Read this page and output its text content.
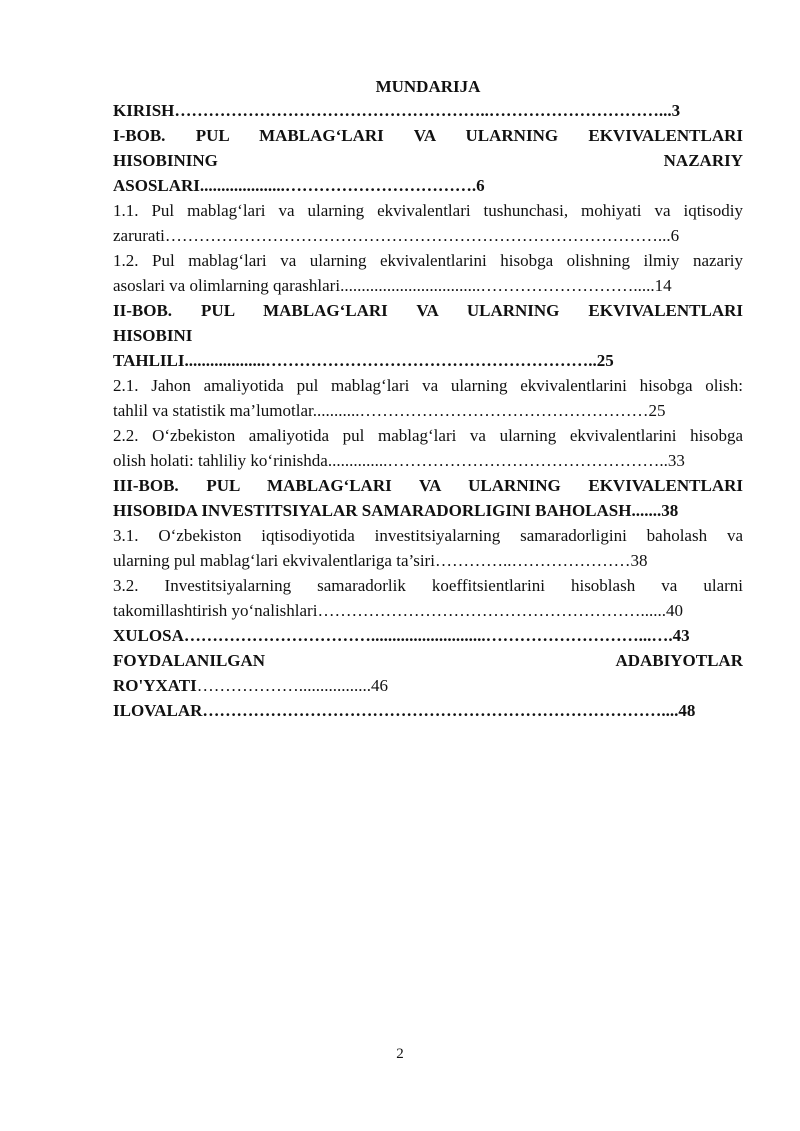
MUNDARIJA
KIRISH………………………………………………..…………………………...3
I-BOB. PUL MABLAG‘LARI VA ULARNING EKVIVALENTLARI
HISOBINING	NAZARIY
ASOSLARI....................…………………………….6
1.1. Pul mablag‘lari va ularning ekvivalentlari tushunchasi, mohiyati va iqtisodiy
zarurati……………………………………………………………………………...6
1.2. Pul mablag‘lari va ularning ekvivalentlarini hisobga olishning ilmiy nazariy
asoslari va olimlarning qarashlari.................................……………………….....14
II-BOB. PUL MABLAG‘LARI VA ULARNING EKVIVALENTLARI
HISOBINI
TAHLILI...................…………………………………………………..25
2.1. Jahon amaliyotida pul mablag‘lari va ularning ekvivalentlarini hisobga olish:
tahlil va statistik ma’lumotlar...........……………………………………………25
2.2. O‘zbekiston amaliyotida pul mablag‘lari va ularning ekvivalentlarini hisobga
olish holati: tahliliy ko‘rinishda..............…………………………………………..33
III-BOB. PUL MABLAG‘LARI VA ULARNING EKVIVALENTLARI
HISOBIDA INVESTITSIYALAR SAMARADORLIGINI BAHOLASH.......38
3.1. O‘zbekiston iqtisodiyotida investitsiyalarning samaradorligini baholash va
ularning pul mablag‘lari ekvivalentlariga ta’siri…………..…………………38
3.2. Investitsiyalarning samaradorlik koeffitsientlarini hisoblash va ularni
takomillashtirish yo‘nalishlari…………………………………………………......40
XULOSA……………………………...........................………………………...….43
FOYDALANILGAN	ADABIYOTLAR
RO'YXATI……………….................46
ILOVALAR………………………………………………………………………....48
2
